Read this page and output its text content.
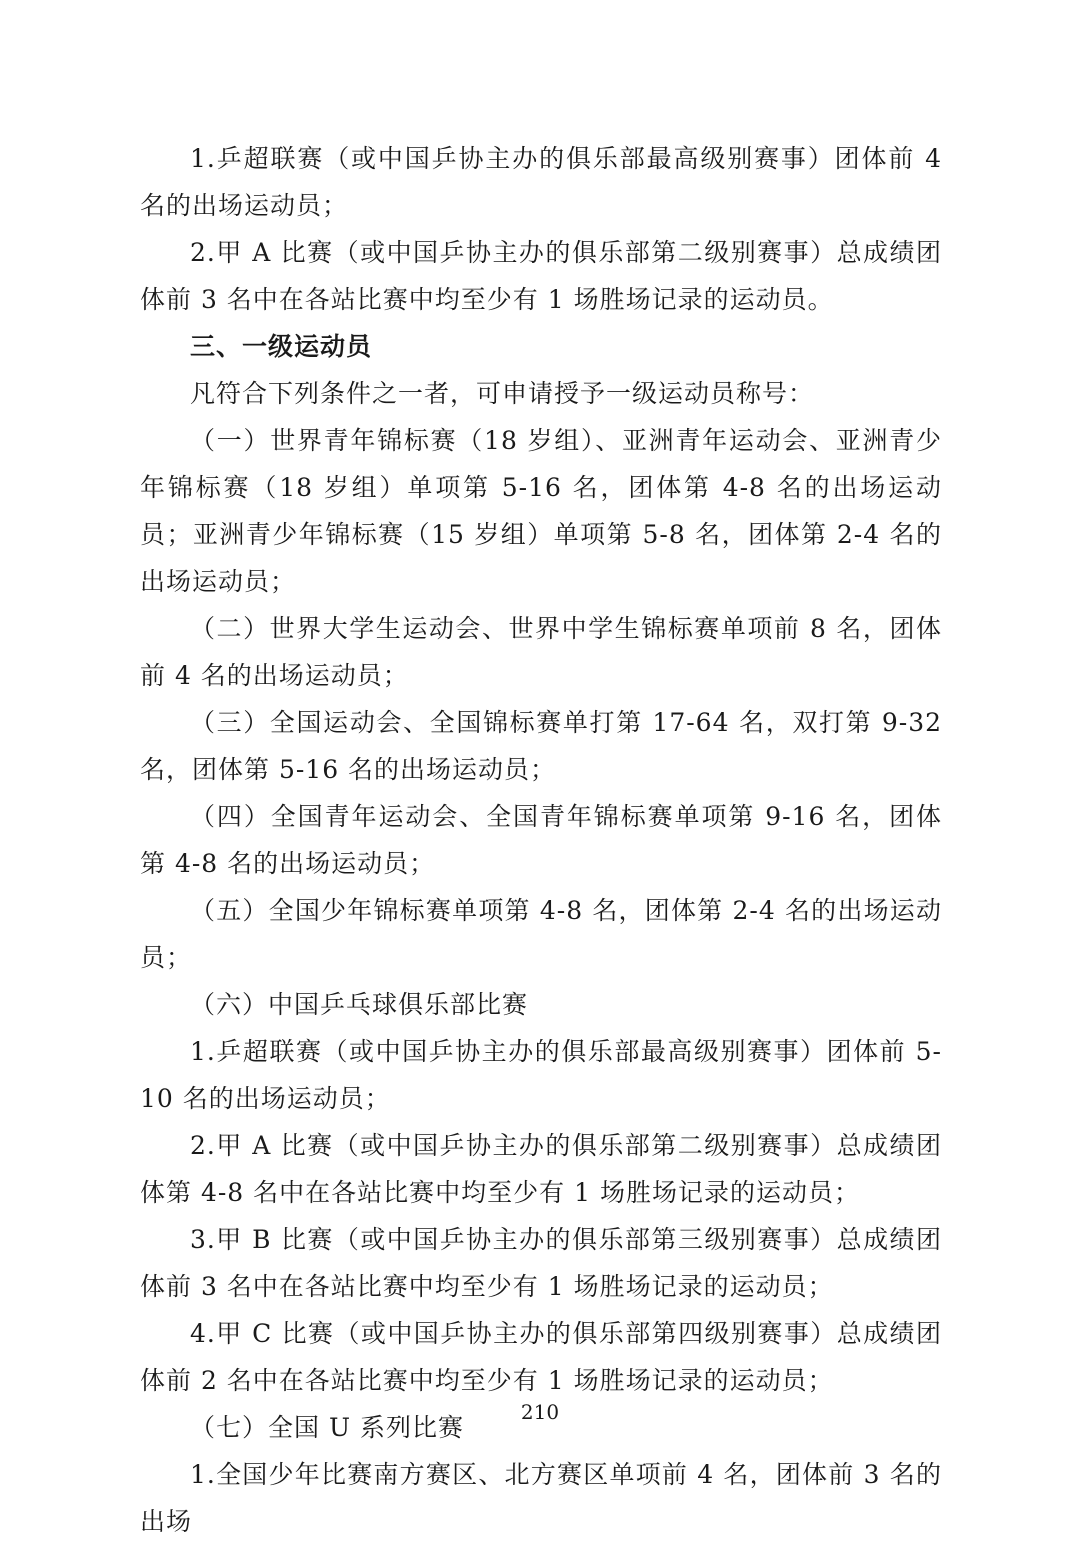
1.乒超联赛（或中国乒协主办的俱乐部最高级别赛事）团体前 4 名的出场运动员；

2.甲 A 比赛（或中国乒协主办的俱乐部第二级别赛事）总成绩团体前 3 名中在各站比赛中均至少有 1 场胜场记录的运动员。

三、一级运动员

凡符合下列条件之一者，可申请授予一级运动员称号：

（一）世界青年锦标赛（18 岁组）、亚洲青年运动会、亚洲青少年锦标赛（18 岁组）单项第 5-16 名，团体第 4-8 名的出场运动员；亚洲青少年锦标赛（15 岁组）单项第 5-8 名，团体第 2-4 名的出场运动员；

（二）世界大学生运动会、世界中学生锦标赛单项前 8 名，团体前 4 名的出场运动员；

（三）全国运动会、全国锦标赛单打第 17-64 名，双打第 9-32 名，团体第 5-16 名的出场运动员；

（四）全国青年运动会、全国青年锦标赛单项第 9-16 名，团体第 4-8 名的出场运动员；

（五）全国少年锦标赛单项第 4-8 名，团体第 2-4 名的出场运动员；

（六）中国乒乓球俱乐部比赛

1.乒超联赛（或中国乒协主办的俱乐部最高级别赛事）团体前 5-10 名的出场运动员；

2.甲 A 比赛（或中国乒协主办的俱乐部第二级别赛事）总成绩团体第 4-8 名中在各站比赛中均至少有 1 场胜场记录的运动员；

3.甲 B 比赛（或中国乒协主办的俱乐部第三级别赛事）总成绩团体前 3 名中在各站比赛中均至少有 1 场胜场记录的运动员；

4.甲 C 比赛（或中国乒协主办的俱乐部第四级别赛事）总成绩团体前 2 名中在各站比赛中均至少有 1 场胜场记录的运动员；

（七）全国 U 系列比赛

1.全国少年比赛南方赛区、北方赛区单项前 4 名，团体前 3 名的出场

210
